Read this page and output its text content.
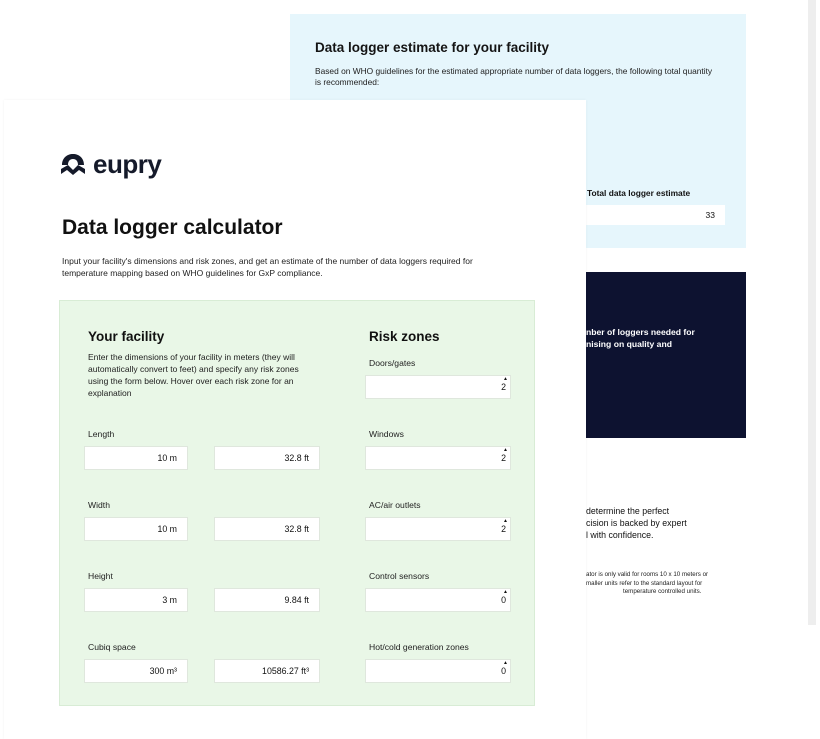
Data logger estimate for your facility
Based on WHO guidelines for the estimated appropriate number of data loggers, the following total quantity is recommended:
Total data logger estimate
33
nber of loggers needed for
nising on quality and
determine the perfect
cision is backed by expert
l with confidence.
ator is only valid for rooms 10 x 10 meters or
maller units refer to the standard layout for
temperature controlled units.
eupry
Data logger calculator
Input your facility's dimensions and risk zones, and get an estimate of the number of data loggers required for temperature mapping based on WHO guidelines for GxP compliance.
Your facility
Enter the dimensions of your facility in meters (they will automatically convert to feet) and specify any risk zones using the form below. Hover over each risk zone for an explanation
Length
10 m	32.8 ft
Width
10 m	32.8 ft
Height
3 m	9.84 ft
Cubiq space
300 m³	10586.27 ft³
Risk zones
Doors/gates
2
▲
Windows
2
▲
AC/air outlets
2
▲
Control sensors
0
▲
Hot/cold generation zones
0
▲
